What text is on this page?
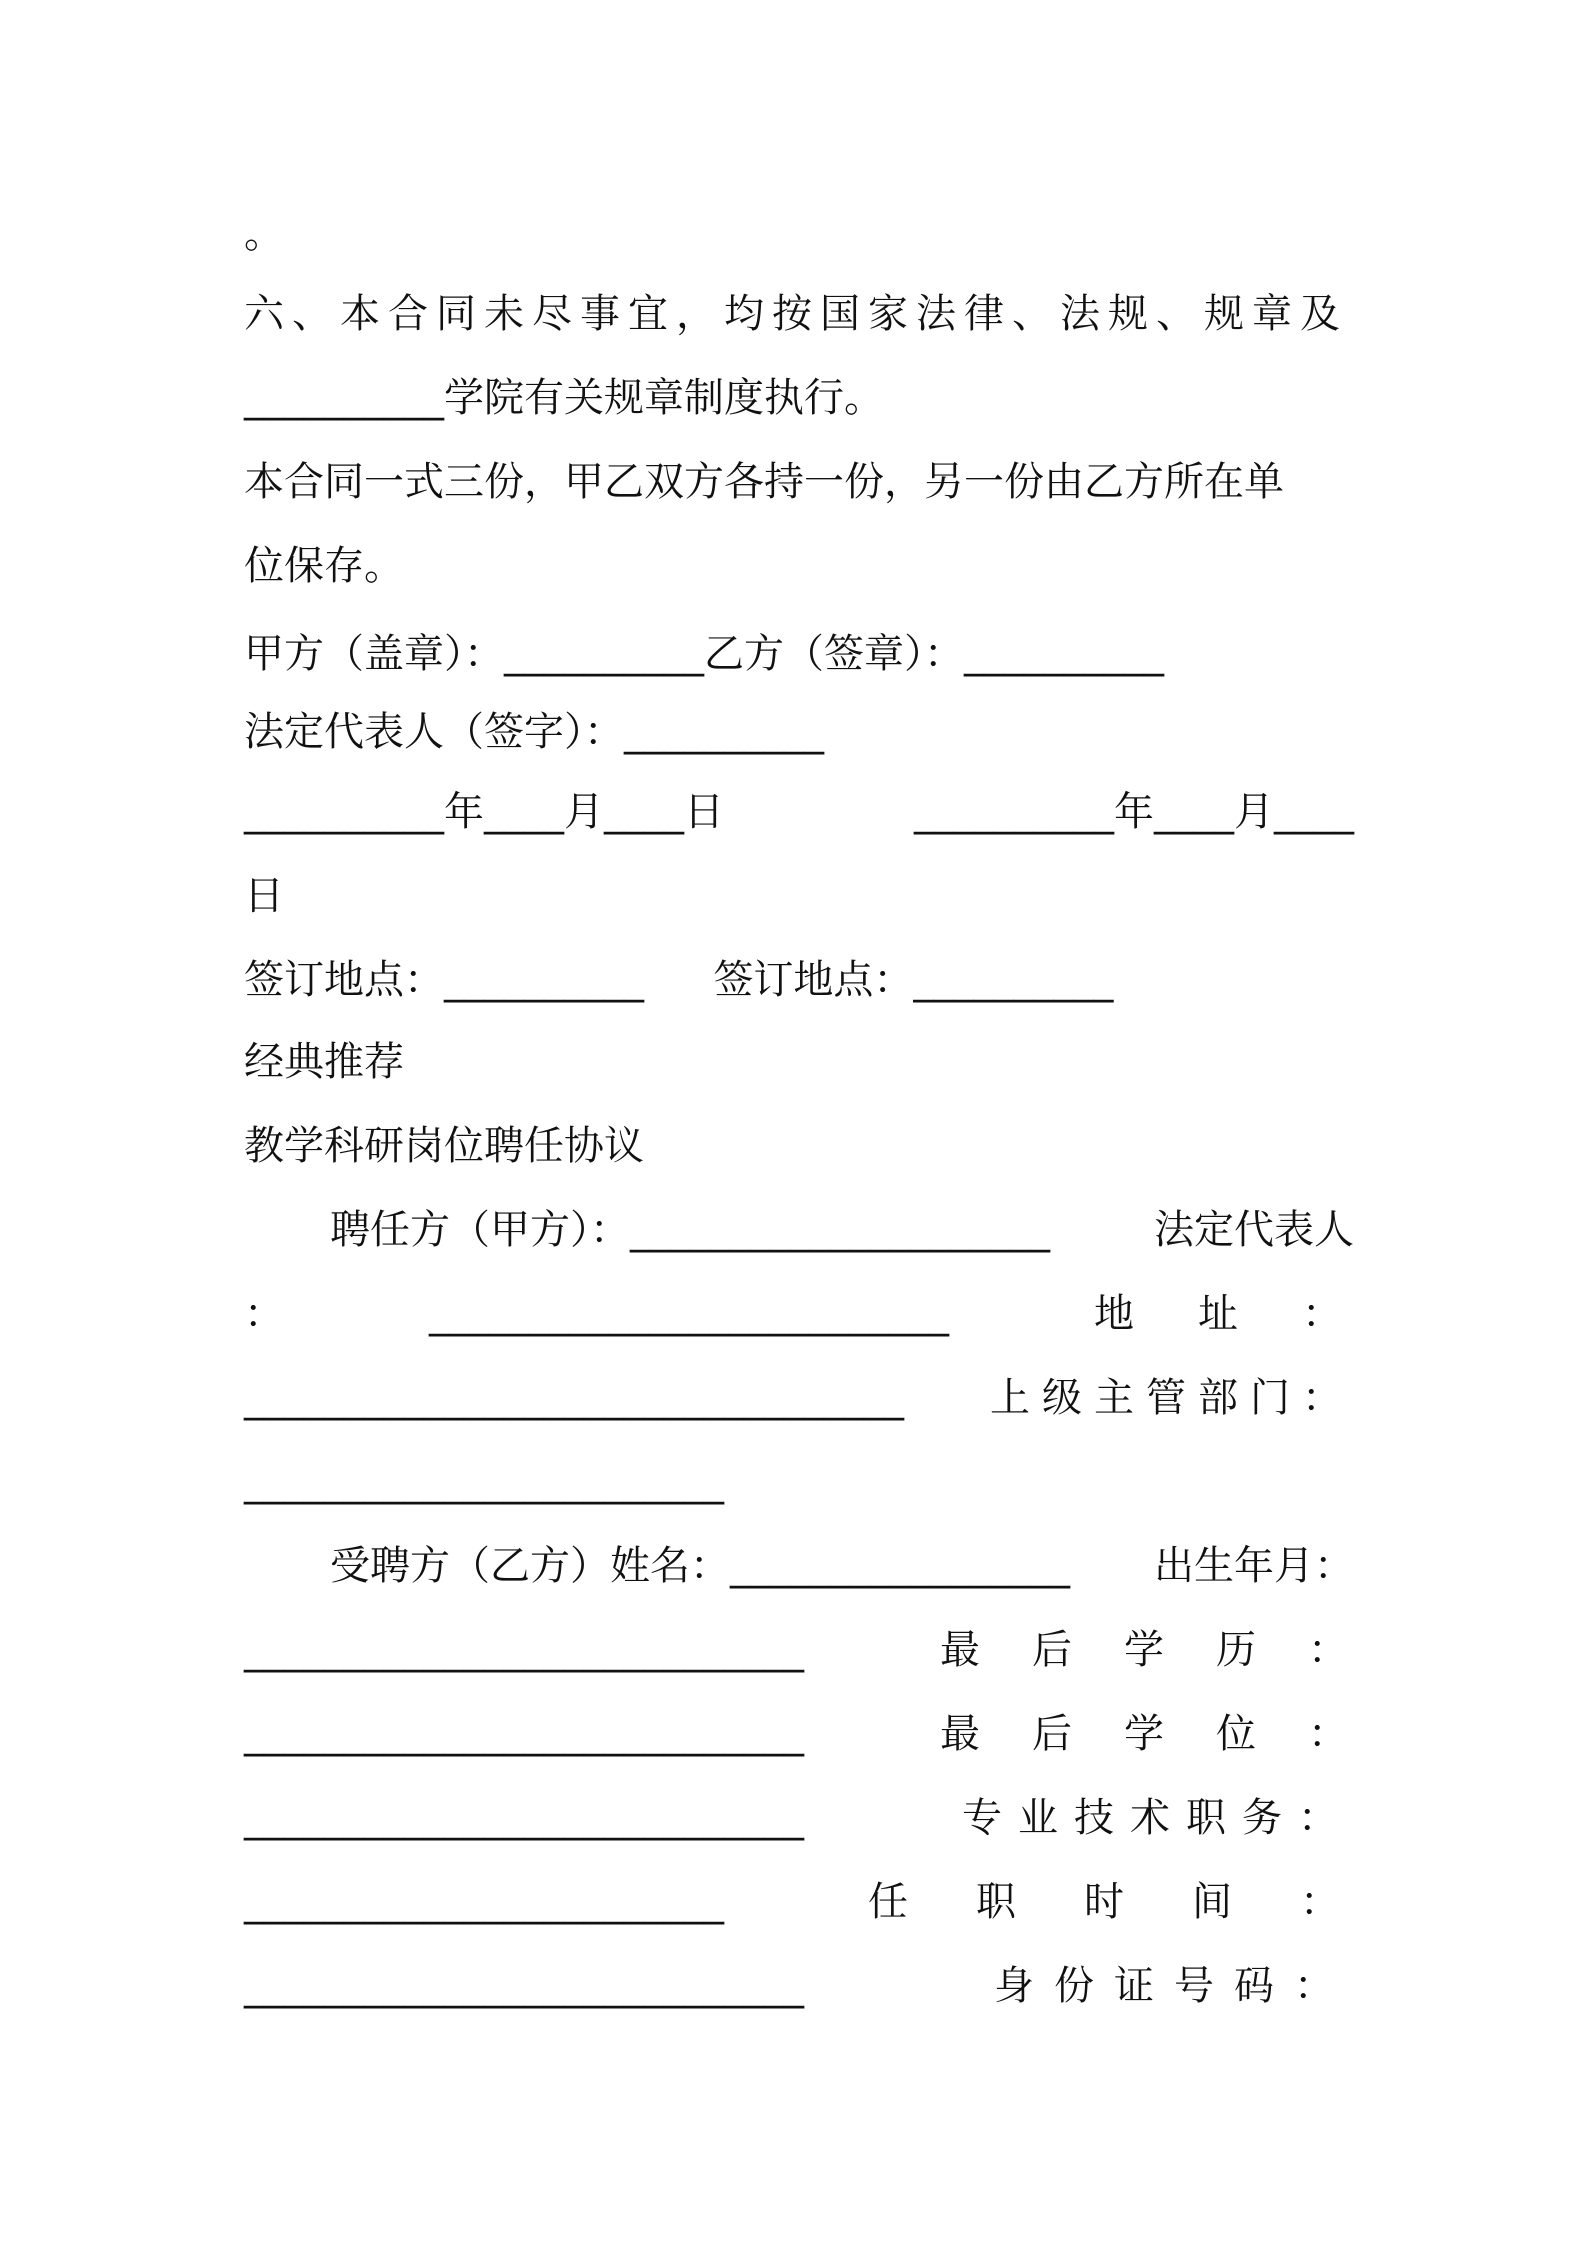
。
六、本合同未尽事宜，均按国家法律、法规、规章及
__________学院有关规章制度执行。
本合同一式三份，甲乙双方各持一份，另一份由乙方所在单
位保存。
甲方（盖章）：__________乙方（签章）：__________
法定代表人（签字）：__________
__________年____月____日	__________年____月____
日
签订地点：__________ 签订地点：__________
经典推荐
教学科研岗位聘任协议
聘任方（甲方）：_____________________	法定代表人
：	__________________________	地　址　：
_________________________________ 上级主管部门：
________________________
受聘方（乙方）姓名：_________________ 出生年月：
____________________________	最　后　学　历　：
____________________________	最　后　学　位　：
____________________________	专业技术职务：
________________________	任　职　时　间　：
____________________________	身份证号码：
